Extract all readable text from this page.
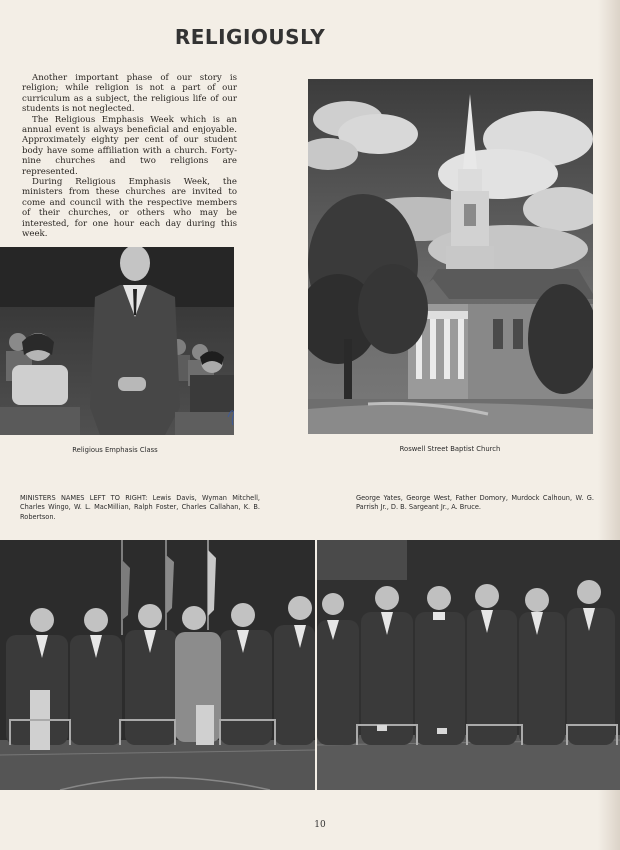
RELIGIOUSLY

Another important phase of our story is religion; while religion is not a part of our curriculum as a subject, the religious life of our students is not neglected.

The Religious Emphasis Week which is an annual event is always beneficial and enjoyable. Approximately eighty per cent of our student body have some affiliation with a church. Forty-nine churches and two religions are represented.

During Religious Emphasis Week, the ministers from these churches are invited to come and council with the respective members of their churches, or others who may be interested, for one hour each day during this week.

Religious Emphasis Class	Roswell Street Baptist Church
MINISTERS NAMES LEFT TO RIGHT: Lewis Davis, Wyman Mitchell, Charles Wingo, W. L. MacMillian, Ralph Foster, Charles Callahan, K. B. Robertson.
George Yates, George West, Father Domory, Murdock Calhoun, W. G. Parrish Jr., D. B. Sargeant Jr., A. Bruce.
10
